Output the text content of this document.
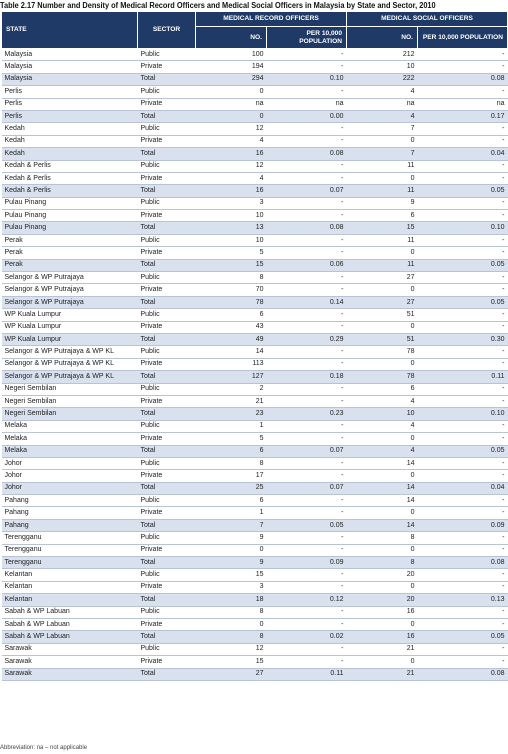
Table 2.17 Number and Density of Medical Record Officers and Medical Social Officers in Malaysia by State and Sector, 2010
STATE	SECTOR	MEDICAL RECORD OFFICERS		MEDICAL SOCIAL OFFICERS	
		NO.	PER 10,000 POPULATION	NO.	PER 10,000 POPULATION
Malaysia	Public	100	-	212	-
Malaysia	Private	194	-	10	-
Malaysia	Total	294	0.10	222	0.08
Perlis	Public	0	-	4	-
Perlis	Private	na	na	na	na
Perlis	Total	0	0.00	4	0.17
Kedah	Public	12	-	7	-
Kedah	Private	4	-	0	-
Kedah	Total	16	0.08	7	0.04
Kedah & Perlis	Public	12	-	11	-
Kedah & Perlis	Private	4	-	0	-
Kedah & Perlis	Total	16	0.07	11	0.05
Pulau Pinang	Public	3	-	9	-
Pulau Pinang	Private	10	-	6	-
Pulau Pinang	Total	13	0.08	15	0.10
Perak	Public	10	-	11	-
Perak	Private	5	-	0	-
Perak	Total	15	0.06	11	0.05
Selangor & WP Putrajaya	Public	8	-	27	-
Selangor & WP Putrajaya	Private	70	-	0	-
Selangor & WP Putrajaya	Total	78	0.14	27	0.05
WP Kuala Lumpur	Public	6	-	51	-
WP Kuala Lumpur	Private	43	-	0	-
WP Kuala Lumpur	Total	49	0.29	51	0.30
Selangor & WP Putrajaya & WP KL	Public	14	-	78	-
Selangor & WP Putrajaya & WP KL	Private	113	-	0	-
Selangor & WP Putrajaya & WP KL	Total	127	0.18	78	0.11
Negeri Sembilan	Public	2	-	6	-
Negeri Sembilan	Private	21	-	4	-
Negeri Sembilan	Total	23	0.23	10	0.10
Melaka	Public	1	-	4	-
Melaka	Private	5	-	0	-
Melaka	Total	6	0.07	4	0.05
Johor	Public	8	-	14	-
Johor	Private	17	-	0	-
Johor	Total	25	0.07	14	0.04
Pahang	Public	6	-	14	-
Pahang	Private	1	-	0	-
Pahang	Total	7	0.05	14	0.09
Terengganu	Public	9	-	8	-
Terengganu	Private	0	-	0	-
Terengganu	Total	9	0.09	8	0.08
Kelantan	Public	15	-	20	-
Kelantan	Private	3	-	0	-
Kelantan	Total	18	0.12	20	0.13
Sabah & WP Labuan	Public	8	-	16	-
Sabah & WP Labuan	Private	0	-	0	-
Sabah & WP Labuan	Total	8	0.02	16	0.05
Sarawak	Public	12	-	21	-
Sarawak	Private	15	-	0	-
Sarawak	Total	27	0.11	21	0.08
Abbreviation: na – not applicable
